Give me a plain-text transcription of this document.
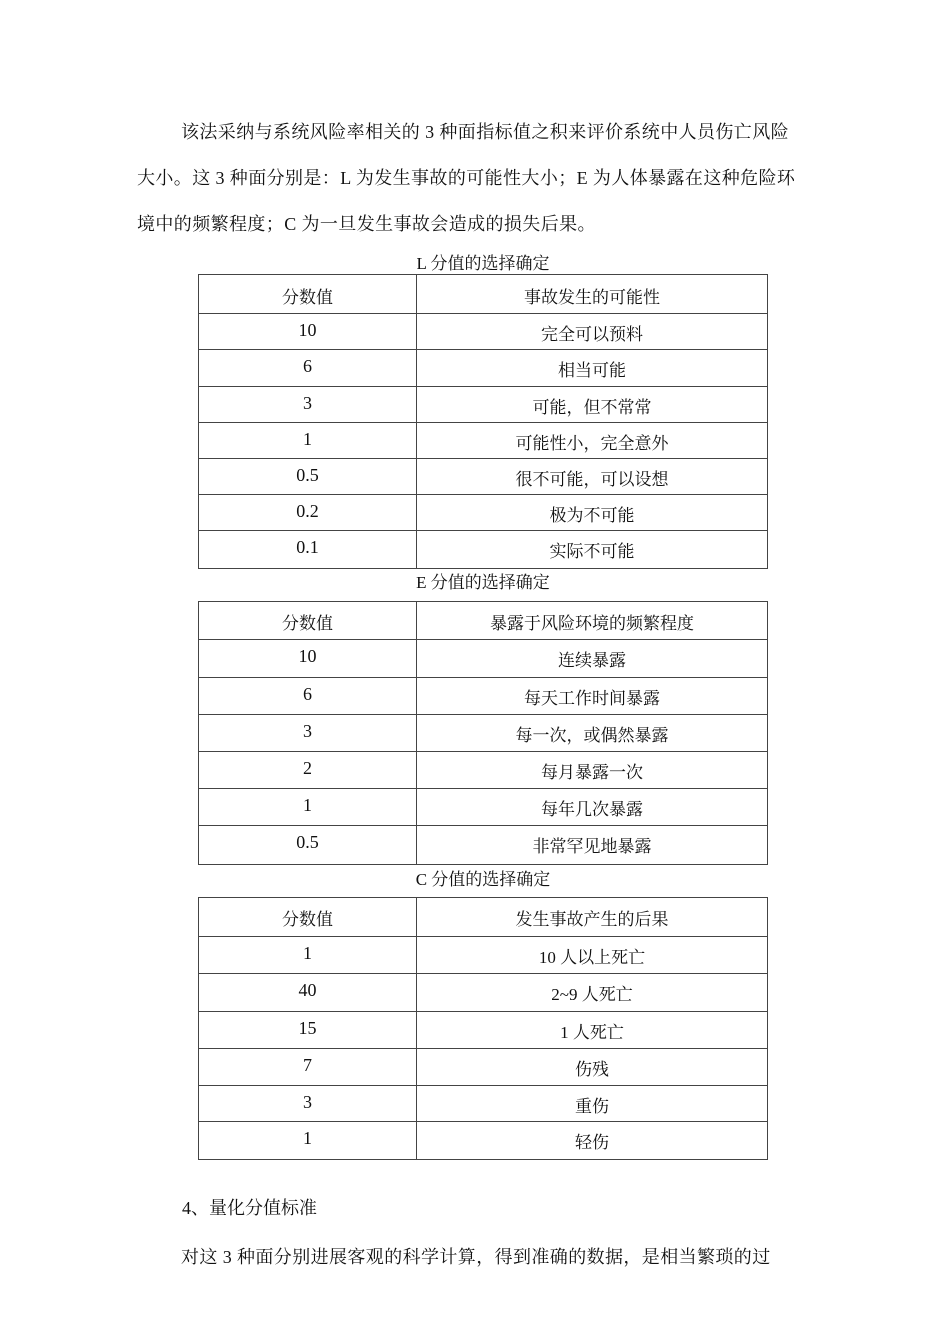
该法采纳与系统风险率相关的 3 种面指标值之积来评价系统中人员伤亡风险
大小。这 3 种面分别是：L 为发生事故的可能性大小；E 为人体暴露在这种危险环
境中的频繁程度；C 为一旦发生事故会造成的损失后果。

L 分值的选择确定
分数值	事故发生的可能性
10	完全可以预料
6	相当可能
3	可能，但不常常
1	可能性小，完全意外
0.5	很不可能，可以设想
0.2	极为不可能
0.1	实际不可能
E 分值的选择确定
分数值	暴露于风险环境的频繁程度
10	连续暴露
6	每天工作时间暴露
3	每一次，或偶然暴露
2	每月暴露一次
1	每年几次暴露
0.5	非常罕见地暴露
C 分值的选择确定
分数值	发生事故产生的后果
1	10 人以上死亡
40	2~9 人死亡
15	1 人死亡
7	伤残
3	重伤
1	轻伤
4、量化分值标准

对这 3 种面分别进展客观的科学计算，得到准确的数据，是相当繁琐的过
